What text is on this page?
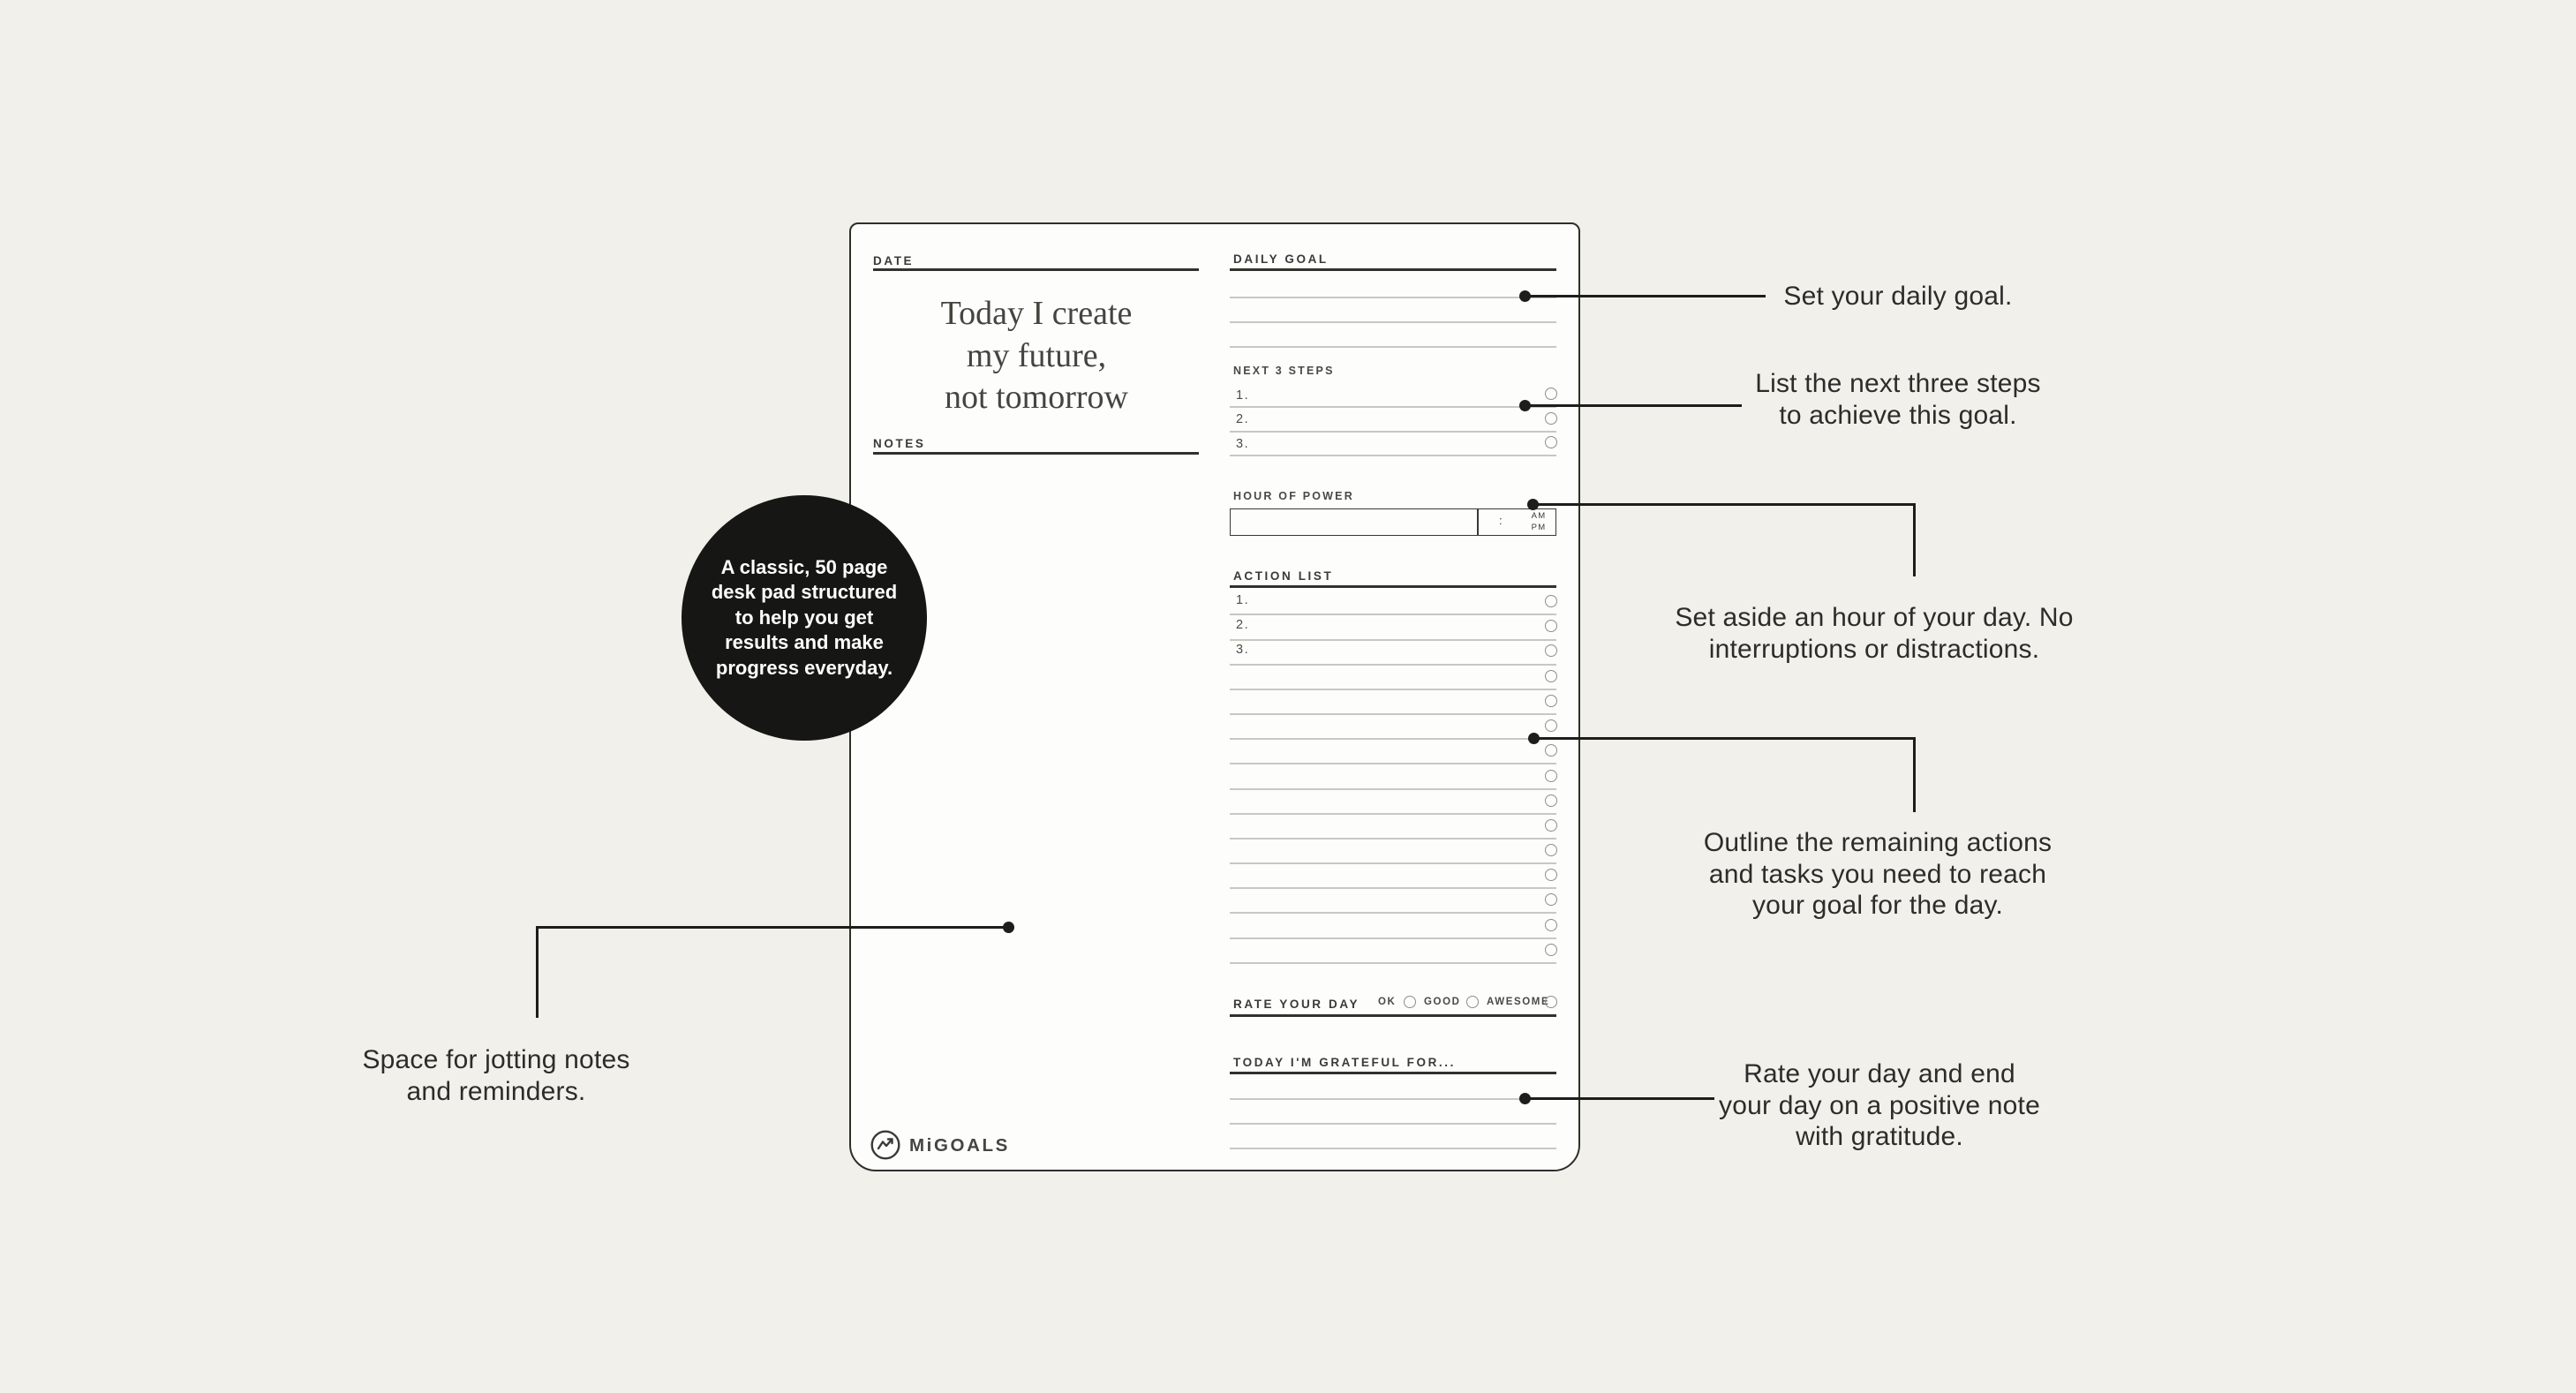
DATE
Today I create
my future,
not tomorrow
NOTES
DAILY GOAL
NEXT 3 STEPS
1.
2.
3.
HOUR OF POWER
:	AM
PM
ACTION LIST
1.
2.
3.
RATE YOUR DAY OK	GOOD	AWESOME
TODAY I'M GRATEFUL FOR...
MiGOALS
A classic, 50 page
desk pad structured
to help you get
results and make
progress everyday.
Set your daily goal.
List the next three steps
to achieve this goal.
Set aside an hour of your day. No
interruptions or distractions.
Outline the remaining actions
and tasks you need to reach
your goal for the day.
Space for jotting notes
and reminders.
Rate your day and end
your day on a positive note
with gratitude.
